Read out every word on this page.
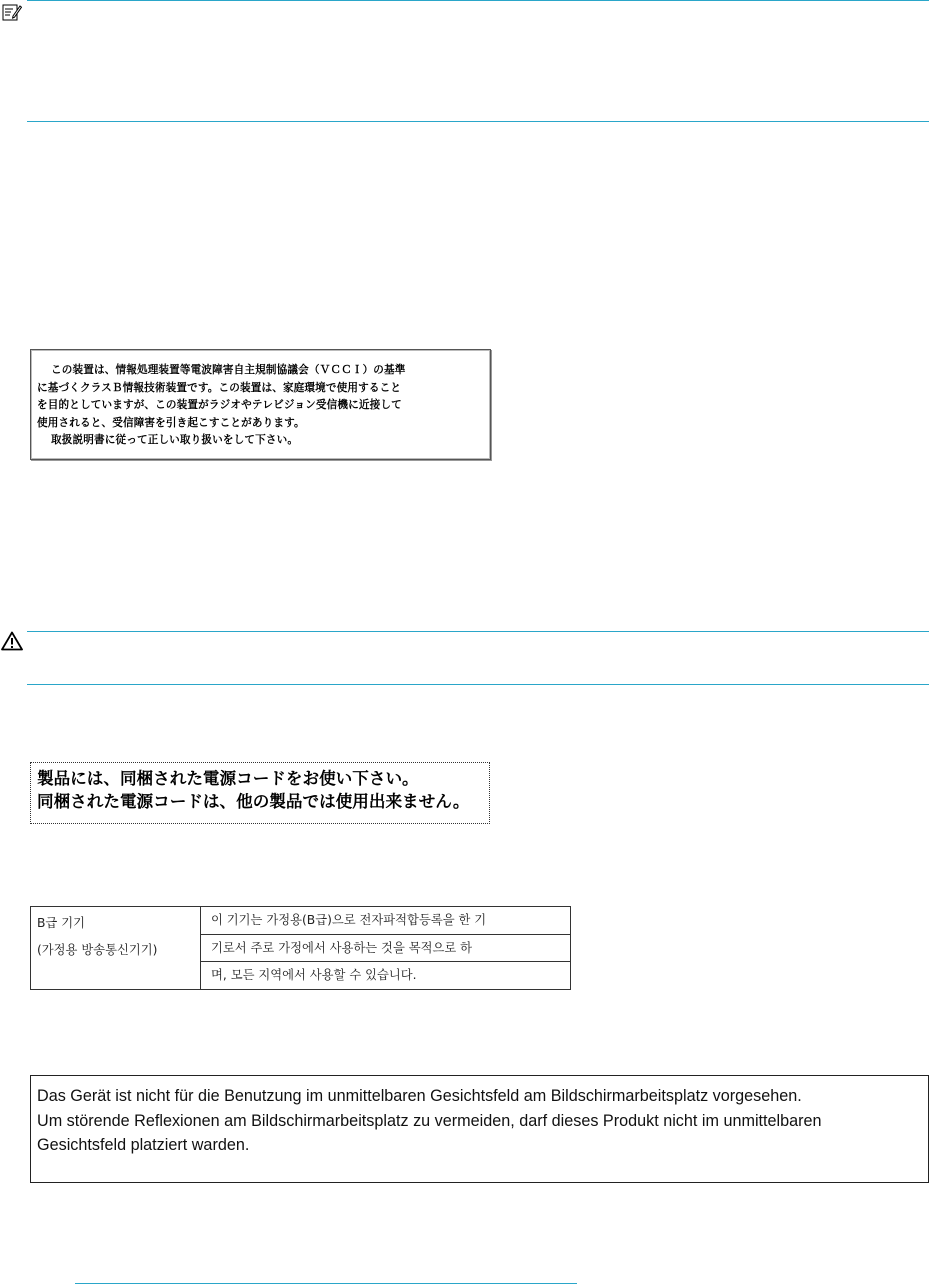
この装置は、情報処理装置等電波障害自主規制協議会（ＶＣＣＩ）の基準
に基づくクラスＢ情報技術装置です。この装置は、家庭環境で使用すること
を目的としていますが、この装置がラジオやテレビジョン受信機に近接して
使用されると、受信障害を引き起こすことがあります。
取扱説明書に従って正しい取り扱いをして下さい。
製品には、同梱された電源コードをお使い下さい。
同梱された電源コードは、他の製品では使用出来ません。
B급 기기
(가정용 방송통신기기)
이 기기는 가정용(B급)으로 전자파적합등록을 한 기
기로서 주로 가정에서 사용하는 것을 목적으로 하
며, 모든 지역에서 사용할 수 있습니다.
Das Gerät ist nicht für die Benutzung im unmittelbaren Gesichtsfeld am Bildschirmarbeitsplatz vorgesehen.
Um störende Reflexionen am Bildschirmarbeitsplatz zu vermeiden, darf dieses Produkt nicht im unmittelbaren
Gesichtsfeld platziert warden.
